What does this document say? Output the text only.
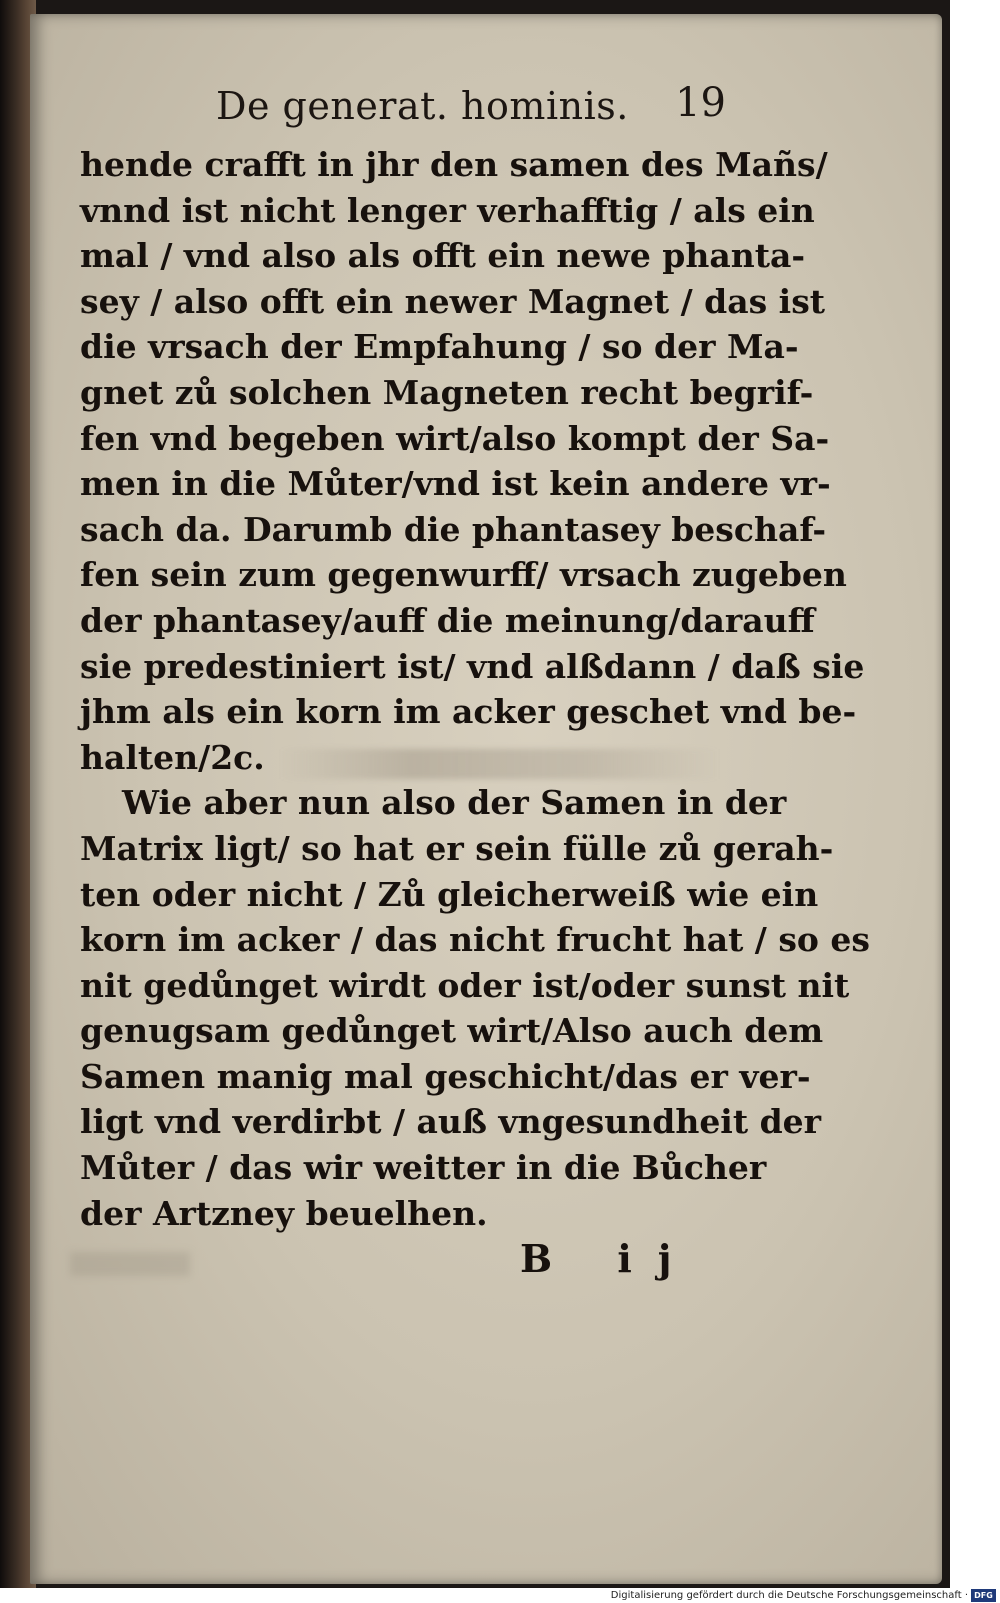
De generat. hominis. 19
hende crafft in jhr den samen des Mañs/
vnnd ist nicht lenger verhafftig / als ein
mal / vnd also als offt ein newe phanta-
sey / also offt ein newer Magnet / das ist
die vrsach der Empfahung / so der Ma-
gnet zů solchen Magneten recht begrif-
fen vnd begeben wirt/also kompt der Sa-
men in die Můter/vnd ist kein andere vr-
sach da. Darumb die phantasey beschaf-
fen sein zum gegenwurff/ vrsach zugeben
der phantasey/auff die meinung/darauff
sie predestiniert ist/ vnd alßdann / daß sie
jhm als ein korn im acker geschet vnd be-
halten/2c.
Wie aber nun also der Samen in der
Matrix ligt/ so hat er sein fülle zů gerah-
ten oder nicht / Zů gleicherweiß wie ein
korn im acker / das nicht frucht hat / so es
nit gedůnget wirdt oder ist/oder sunst nit
genugsam gedůnget wirt/Also auch dem
Samen manig mal geschicht/das er ver-
ligt vnd verdirbt / auß vngesundheit der
Můter / das wir weitter in die Bůcher
der Artzney beuelhen.
B ij
Digitalisierung gefördert durch die Deutsche Forschungsgemeinschaft · DFG
